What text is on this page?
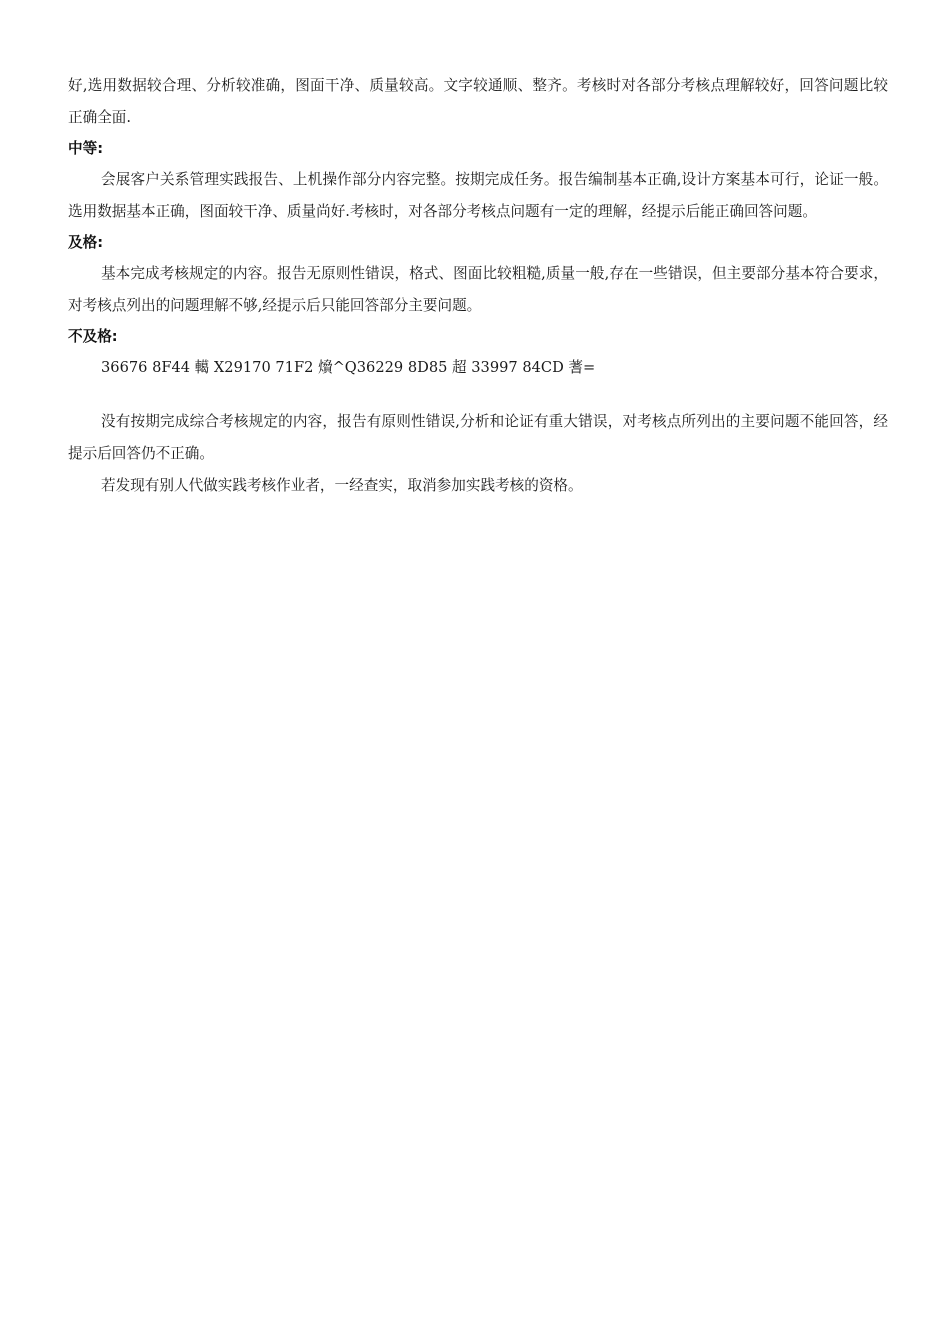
好,选用数据较合理、分析较准确，图面干净、质量较高。文字较通顺、整齐。考核时对各部分考核点理解较好，回答问题比较正确全面.

中等:

会展客户关系管理实践报告、上机操作部分内容完整。按期完成任务。报告编制基本正确,设计方案基本可行，论证一般。选用数据基本正确，图面较干净、质量尚好.考核时，对各部分考核点问题有一定的理解，经提示后能正确回答问题。

及格:

基本完成考核规定的内容。报告无原则性错误，格式、图面比较粗糙,质量一般,存在一些错误，但主要部分基本符合要求，对考核点列出的问题理解不够,经提示后只能回答部分主要问题。

不及格:

36676 8F44 轕 X29170 71F2 燲^Q36229 8D85 超 33997 84CD 蓍=

没有按期完成综合考核规定的内容，报告有原则性错误,分析和论证有重大错误，对考核点所列出的主要问题不能回答，经提示后回答仍不正确。

若发现有别人代做实践考核作业者，一经查实，取消参加实践考核的资格。
